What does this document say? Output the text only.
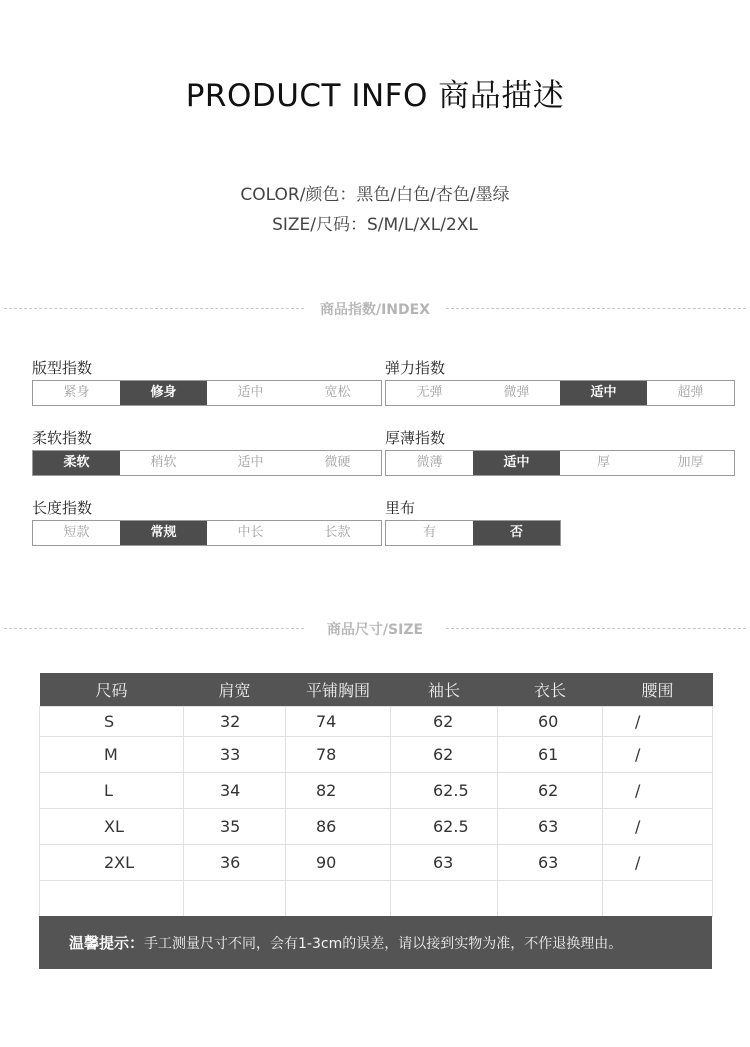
PRODUCT INFO 商品描述
COLOR/颜色：黑色/白色/杏色/墨绿
SIZE/尺码：S/M/L/XL/2XL
商品指数/INDEX
版型指数
紧身	修身	适中	宽松
弹力指数
无弹	微弹	适中	超弹
柔软指数
柔软	稍软	适中	微硬
厚薄指数
微薄	适中	厚	加厚
长度指数
短款	常规	中长	长款
里布
有	否
商品尺寸/SIZE
尺码	肩宽	平铺胸围	袖长	衣长	腰围
S	32	74	62	60	/
M	33	78	62	61	/
L	34	82	62.5	62	/
XL	35	86	62.5	63	/
2XL	36	90	63	63	/

温馨提示： 手工测量尺寸不同，会有1-3cm的误差，请以接到实物为准，不作退换理由。
